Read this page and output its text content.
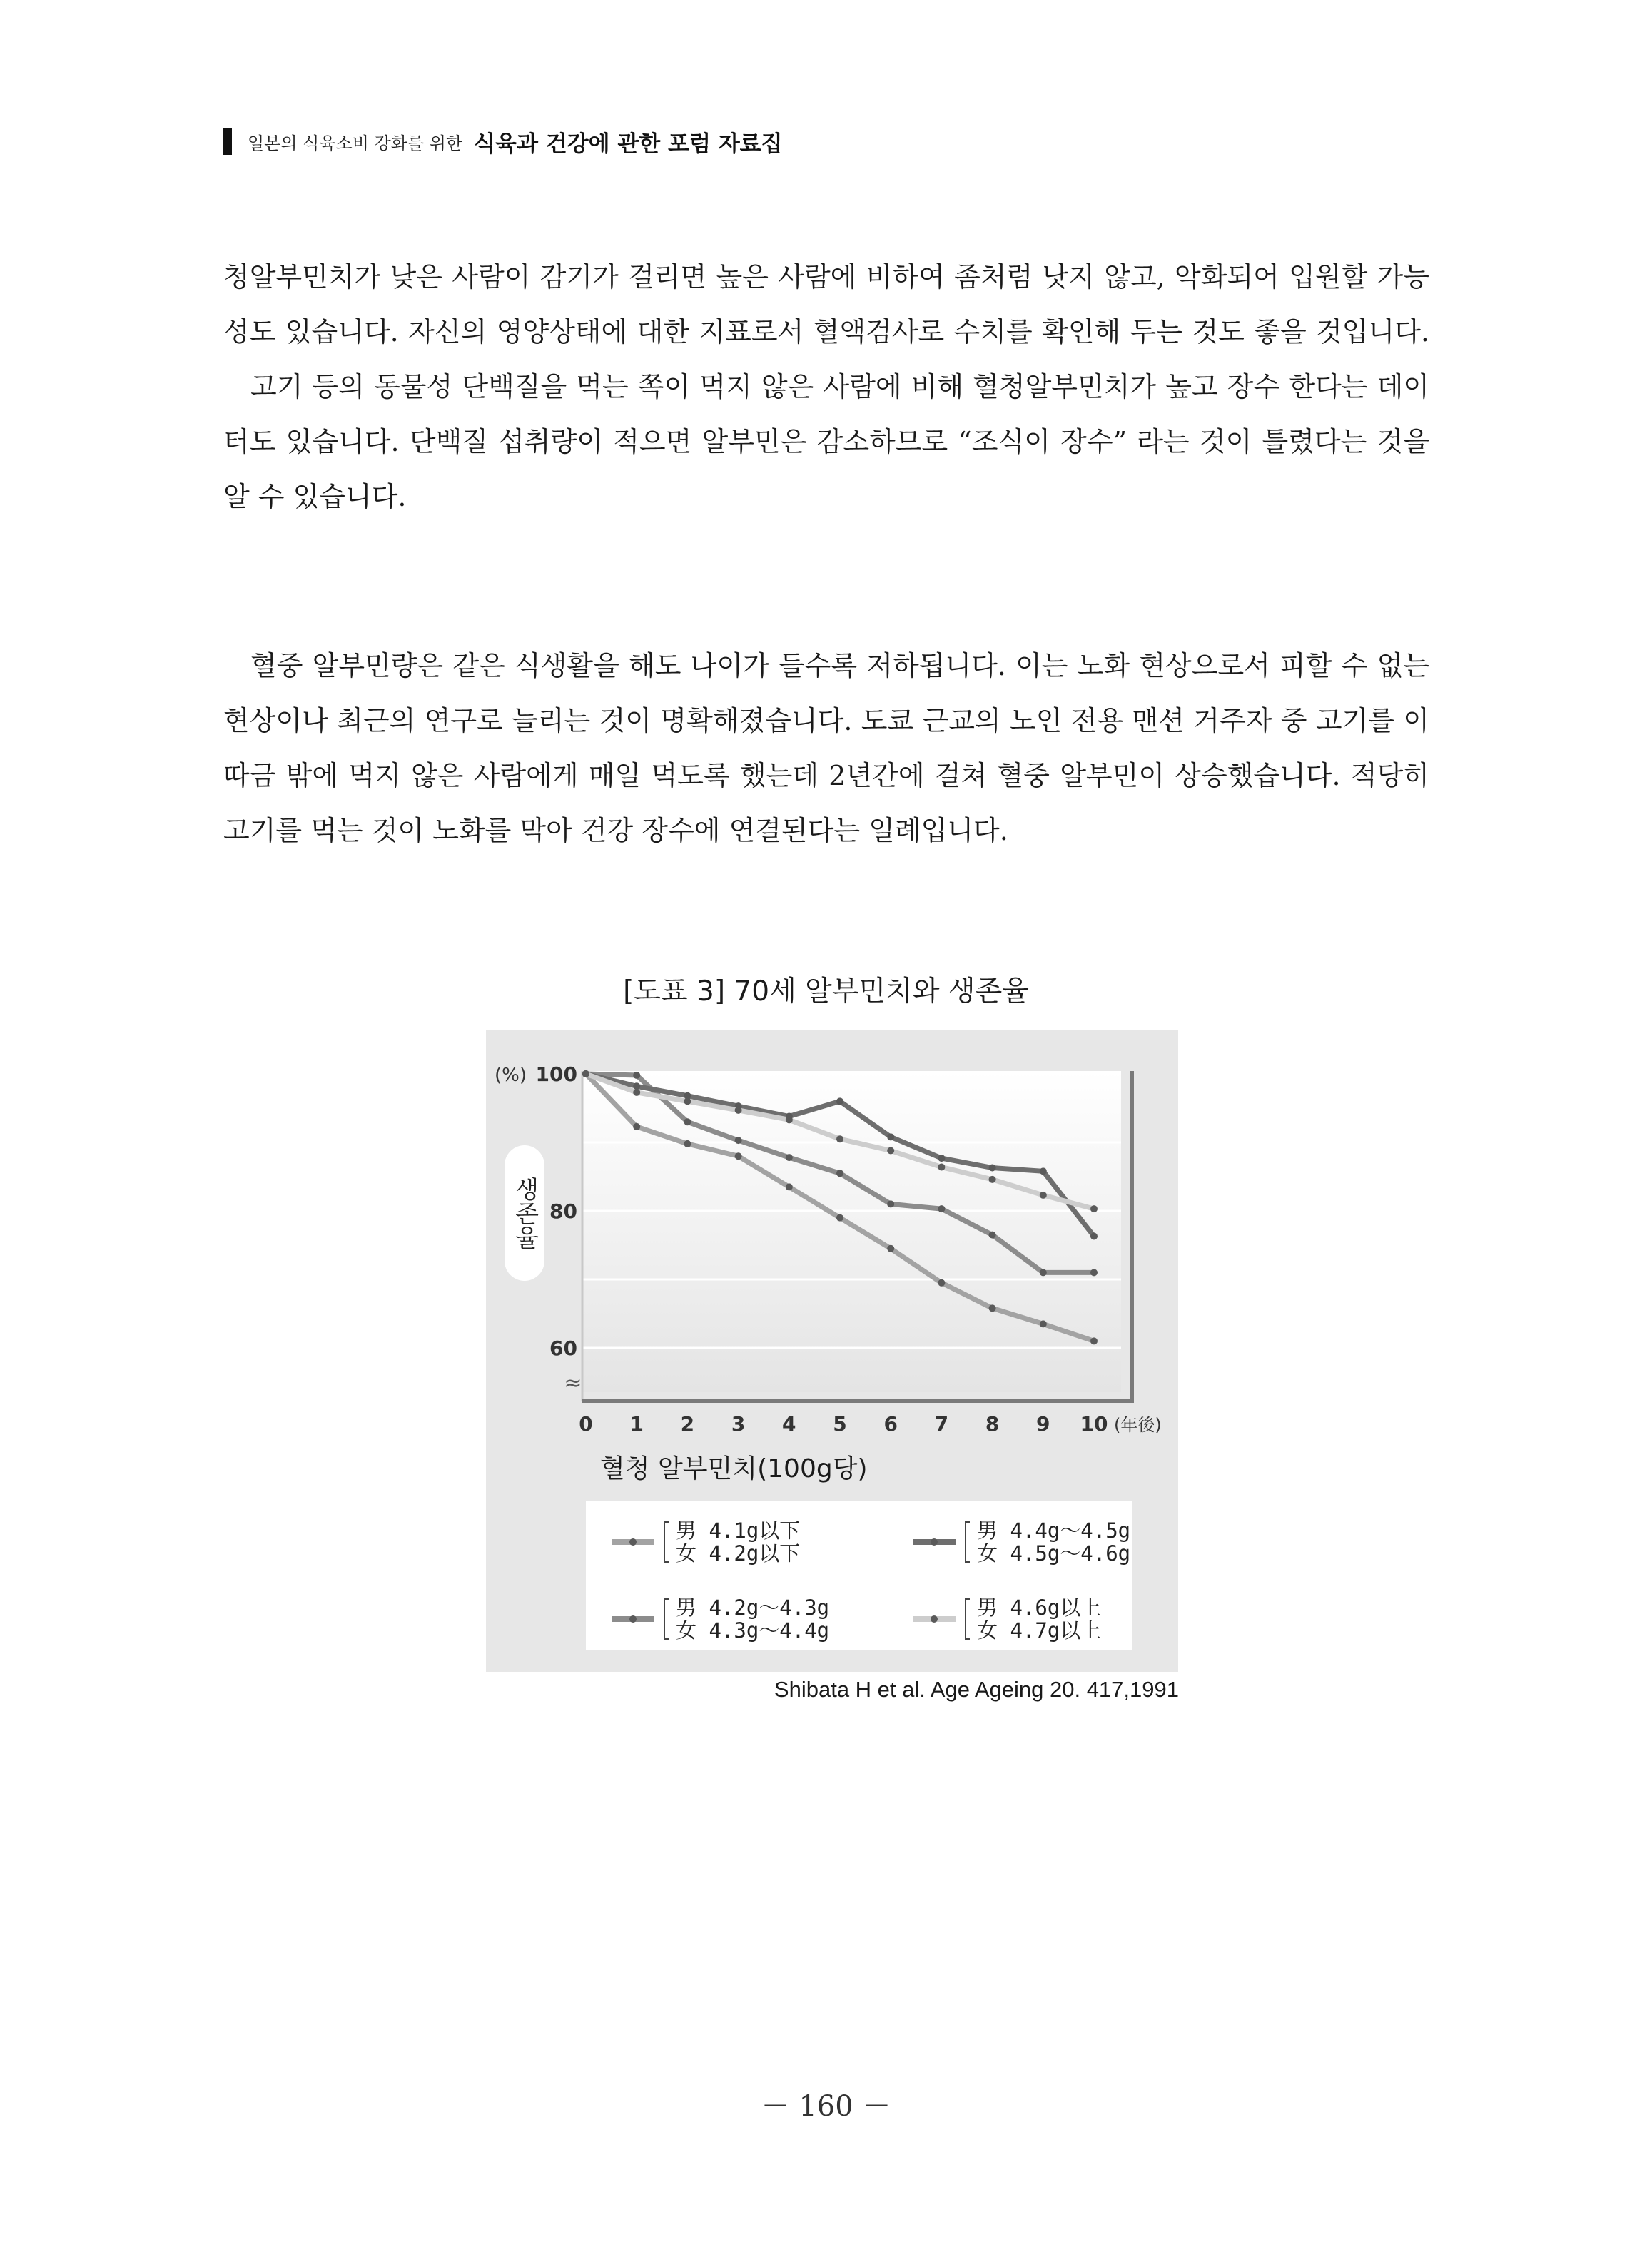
일본의 식육소비 강화를 위한 식육과 건강에 관한 포럼 자료집

청알부민치가 낮은 사람이 감기가 걸리면 높은 사람에 비하여 좀처럼 낫지 않고, 악화되어 입원할 가능성도 있습니다. 자신의 영양상태에 대한 지표로서 혈액검사로 수치를 확인해 두는 것도 좋을 것입니다.

고기 등의 동물성 단백질을 먹는 쪽이 먹지 않은 사람에 비해 혈청알부민치가 높고 장수 한다는 데이터도 있습니다. 단백질 섭취량이 적으면 알부민은 감소하므로 “조식이 장수” 라는 것이 틀렸다는 것을 알 수 있습니다.

혈중 알부민량은 같은 식생활을 해도 나이가 들수록 저하됩니다. 이는 노화 현상으로서 피할 수 없는 현상이나 최근의 연구로 늘리는 것이 명확해졌습니다. 도쿄 근교의 노인 전용 맨션 거주자 중 고기를 이따금 밖에 먹지 않은 사람에게 매일 먹도록 했는데 2년간에 걸쳐 혈중 알부민이 상승했습니다. 적당히 고기를 먹는 것이 노화를 막아 건강 장수에 연결된다는 일례입니다.

[도표 3] 70세 알부민치와 생존율
(%)
60
80
100
≈
생존율
0 1 2 3 4 5 6 7 8 9 10 (年後)
혈청 알부민치(100g당)
男 4.1g以下
女 4.2g以下
男 4.4g～4.5g
女 4.5g～4.6g
男 4.2g～4.3g
女 4.3g～4.4g
男 4.6g以上
女 4.7g以上
Shibata H et al. Age Ageing 20. 417,1991
－ 160 －
